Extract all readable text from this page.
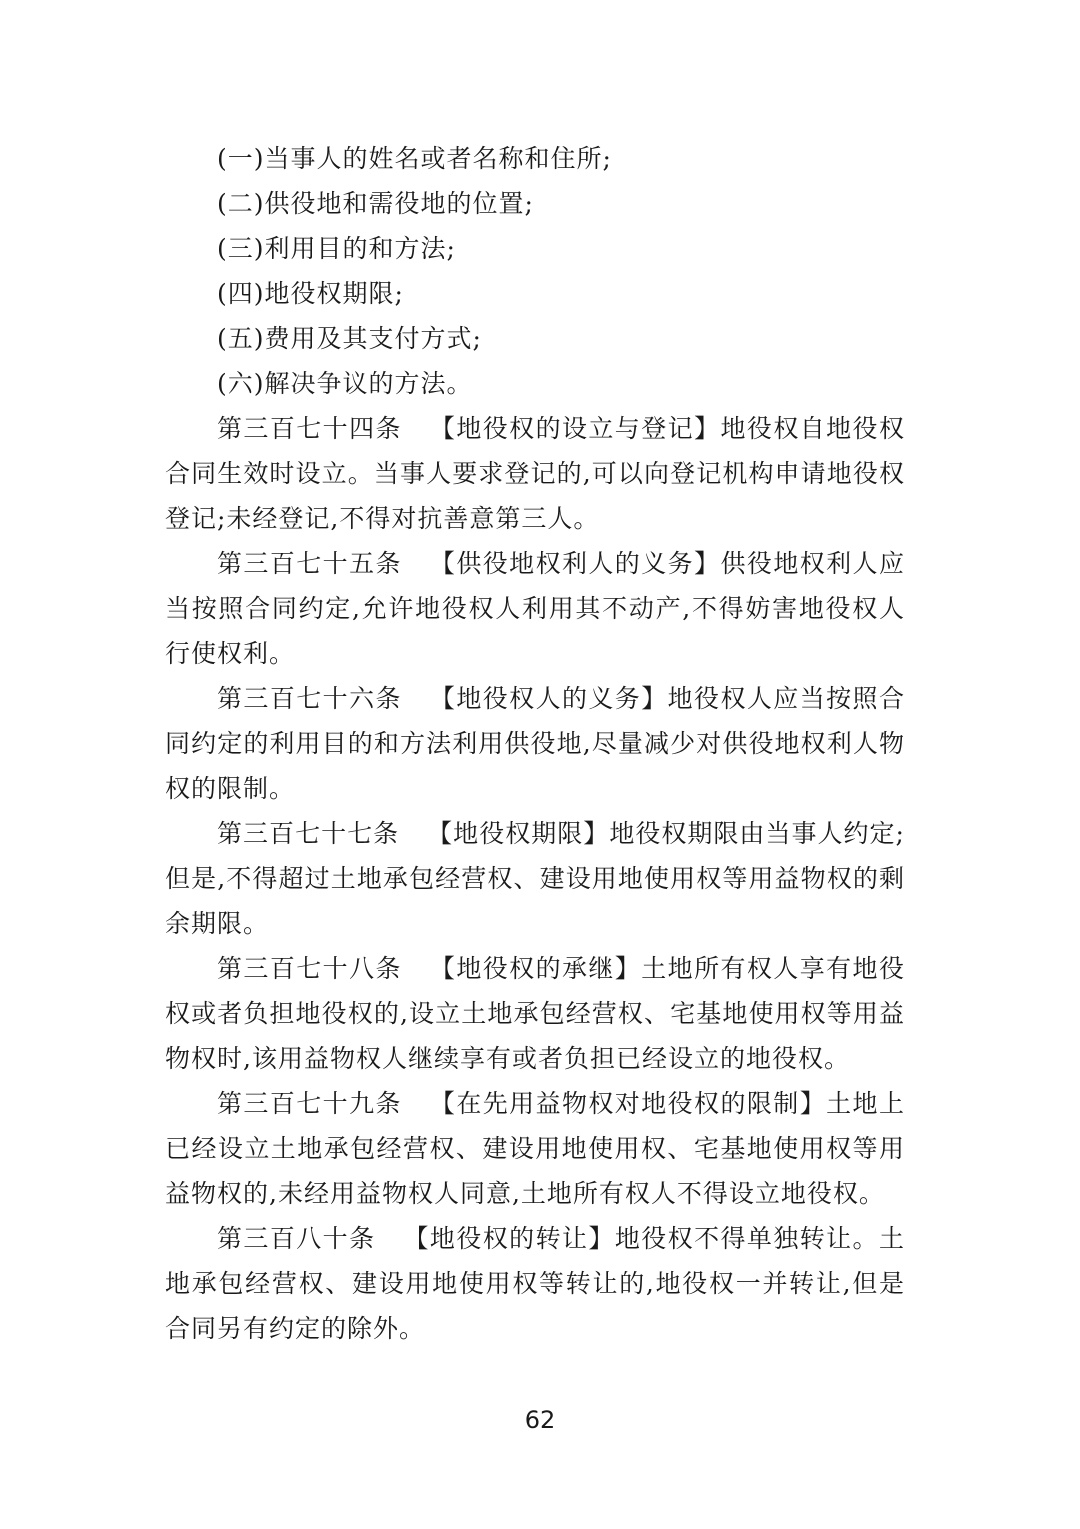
(一)当事人的姓名或者名称和住所;

(二)供役地和需役地的位置;

(三)利用目的和方法;

(四)地役权期限;

(五)费用及其支付方式;

(六)解决争议的方法。

第三百七十四条 【地役权的设立与登记】地役权自地役权合同生效时设立。当事人要求登记的,可以向登记机构申请地役权登记;未经登记,不得对抗善意第三人。

第三百七十五条 【供役地权利人的义务】供役地权利人应当按照合同约定,允许地役权人利用其不动产,不得妨害地役权人行使权利。

第三百七十六条 【地役权人的义务】地役权人应当按照合同约定的利用目的和方法利用供役地,尽量减少对供役地权利人物权的限制。

第三百七十七条 【地役权期限】地役权期限由当事人约定;但是,不得超过土地承包经营权、建设用地使用权等用益物权的剩余期限。

第三百七十八条 【地役权的承继】土地所有权人享有地役权或者负担地役权的,设立土地承包经营权、宅基地使用权等用益物权时,该用益物权人继续享有或者负担已经设立的地役权。

第三百七十九条 【在先用益物权对地役权的限制】土地上已经设立土地承包经营权、建设用地使用权、宅基地使用权等用益物权的,未经用益物权人同意,土地所有权人不得设立地役权。

第三百八十条 【地役权的转让】地役权不得单独转让。土地承包经营权、建设用地使用权等转让的,地役权一并转让,但是合同另有约定的除外。

62
